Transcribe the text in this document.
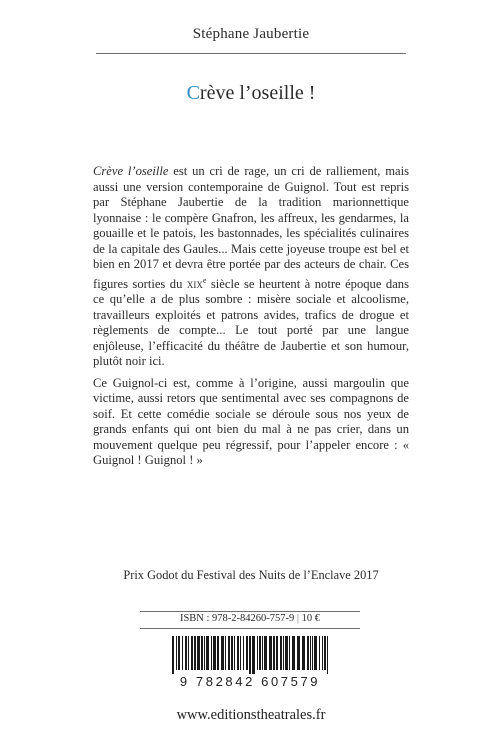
Stéphane Jaubertie
Crève l’oseille !

Crève l’oseille est un cri de rage, un cri de ralliement, mais aussi une version contemporaine de Guignol. Tout est repris par Stéphane Jaubertie de la tradition marionnettique lyonnaise : le compère Gnafron, les affreux, les gendarmes, la gouaille et le patois, les bastonnades, les spécialités culinaires de la capitale des Gaules... Mais cette joyeuse troupe est bel et bien en 2017 et devra être portée par des acteurs de chair. Ces figures sorties du xix$^e$ siècle se heurtent à notre époque dans ce qu’elle a de plus sombre : misère sociale et alcoolisme, travailleurs exploités et patrons avides, trafics de drogue et règlements de compte... Le tout porté par une langue enjôleuse, l’efficacité du théâtre de Jaubertie et son humour, plutôt noir ici.

Ce Guignol-ci est, comme à l’origine, aussi margoulin que victime, aussi retors que sentimental avec ses compagnons de soif. Et cette comédie sociale se déroule sous nos yeux de grands enfants qui ont bien du mal à ne pas crier, dans un mouvement quelque peu régressif, pour l’appeler encore : « Guignol ! Guignol ! »

Prix Godot du Festival des Nuits de l’Enclave 2017
ISBN : 978-2-84260-757-9 | 10 €
9 782842 607579
www.editionstheatrales.fr
